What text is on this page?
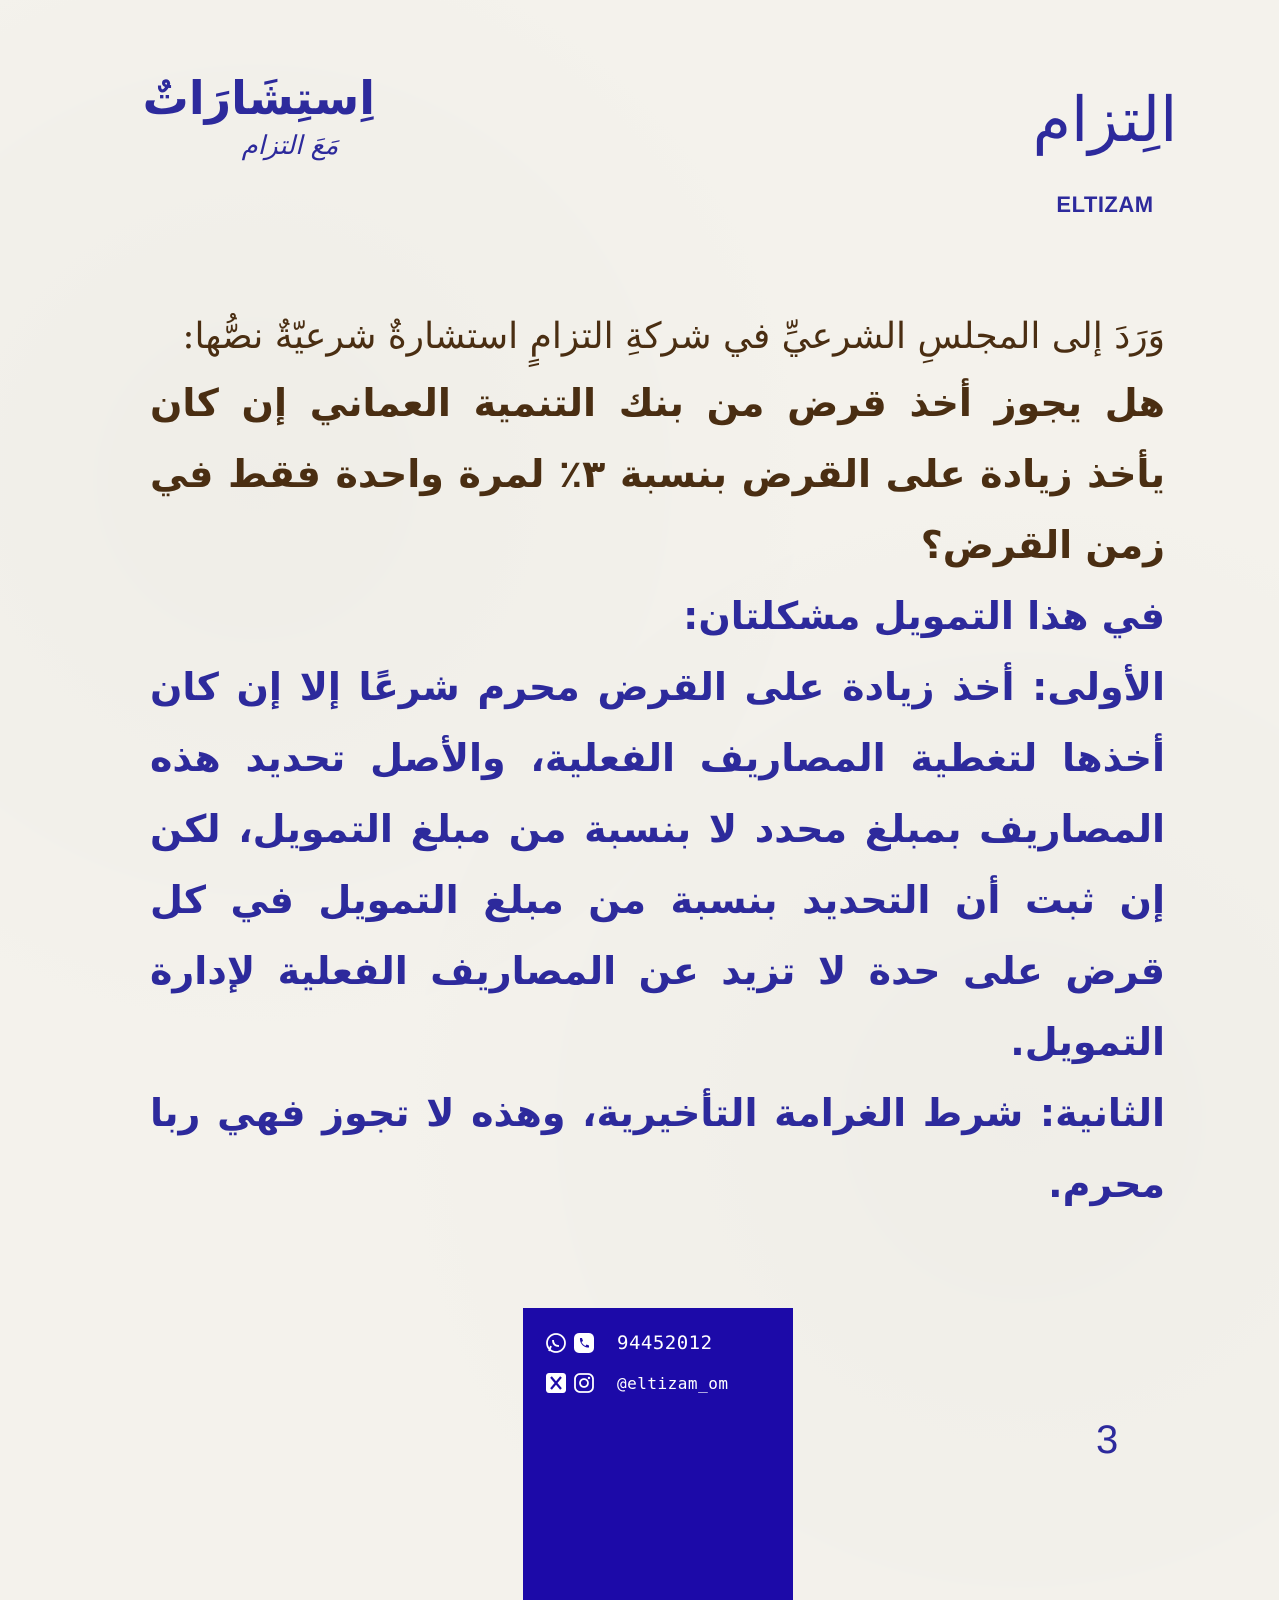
اِستِشَارَاتٌ
مَعَ التزام	الِتزام
ELTIZAM

وَرَدَ إلى المجلسِ الشرعيِّ في شركةِ التزامٍ استشارةٌ شرعيّةٌ نصُّها:

هل يجوز أخذ قرض من بنك التنمية العماني إن كان يأخذ زيادة على القرض بنسبة ٣٪ لمرة واحدة فقط في زمن القرض؟

في هذا التمويل مشكلتان:

الأولى: أخذ زيادة على القرض محرم شرعًا إلا إن كان أخذها لتغطية المصاريف الفعلية، والأصل تحديد هذه المصاريف بمبلغ محدد لا بنسبة من مبلغ التمويل، لكن إن ثبت أن التحديد بنسبة من مبلغ التمويل في كل قرض على حدة لا تزيد عن المصاريف الفعلية لإدارة التمويل.

الثانية: شرط الغرامة التأخيرية، وهذه لا تجوز فهي ربا محرم.

94452012
@eltizam_om
3
